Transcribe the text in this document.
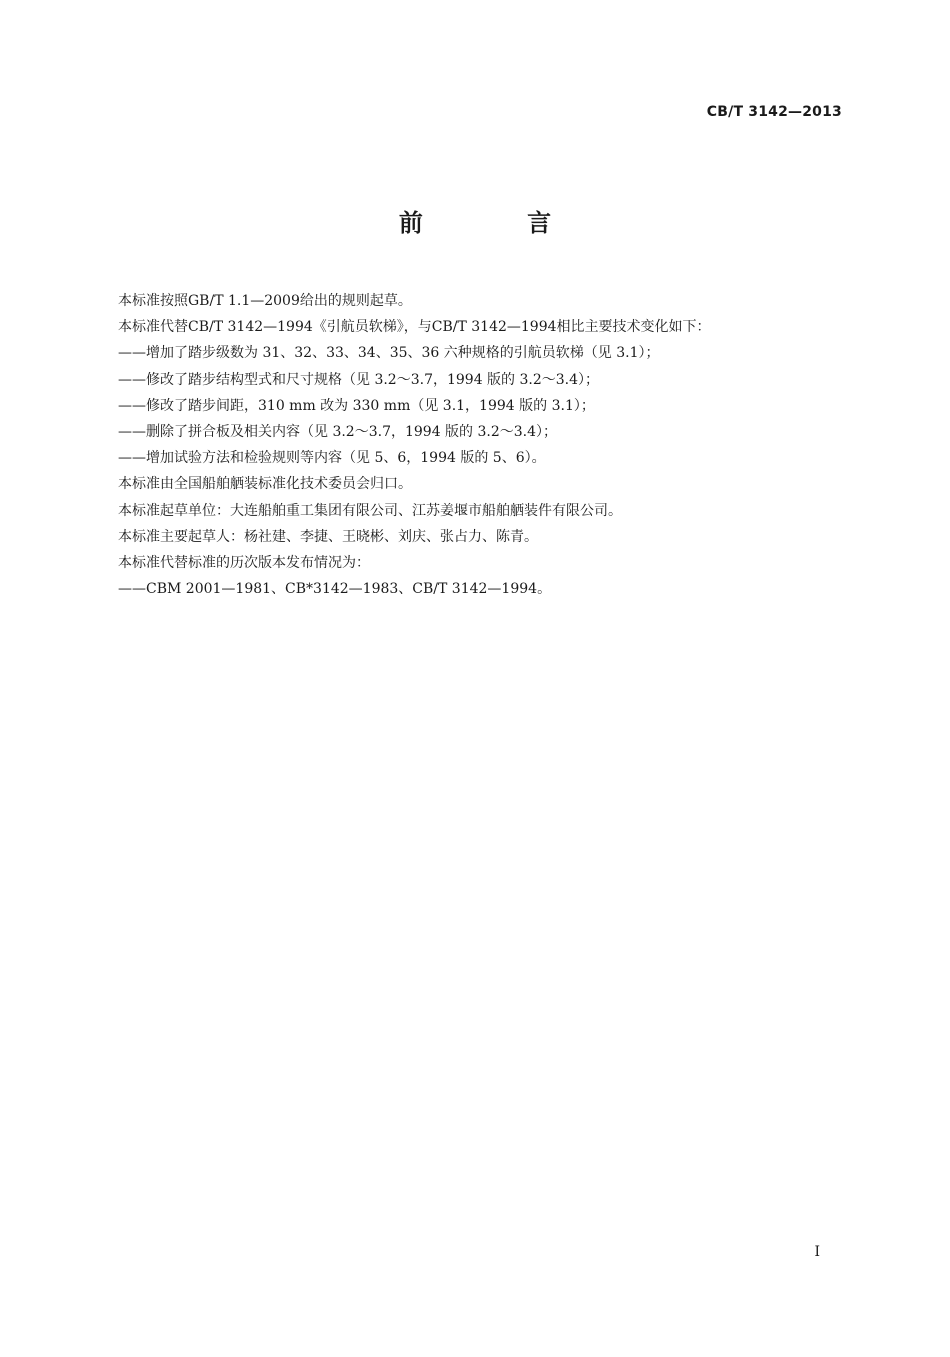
CB/T 3142—2013
前 言
本标准按照GB/T 1.1—2009给出的规则起草。
本标准代替CB/T 3142—1994《引航员软梯》，与CB/T 3142—1994相比主要技术变化如下：
——增加了踏步级数为 31、32、33、34、35、36 六种规格的引航员软梯（见 3.1）；
——修改了踏步结构型式和尺寸规格（见 3.2～3.7，1994 版的 3.2～3.4）；
——修改了踏步间距，310 mm 改为 330 mm（见 3.1，1994 版的 3.1）；
——删除了拼合板及相关内容（见 3.2～3.7，1994 版的 3.2～3.4）；
——增加试验方法和检验规则等内容（见 5、6，1994 版的 5、6）。
本标准由全国船舶舾装标准化技术委员会归口。
本标准起草单位：大连船舶重工集团有限公司、江苏姜堰市船舶舾装件有限公司。
本标准主要起草人：杨社建、李捷、王晓彬、刘庆、张占力、陈青。
本标准代替标准的历次版本发布情况为：
——CBM 2001—1981、CB*3142—1983、CB/T 3142—1994。
I
